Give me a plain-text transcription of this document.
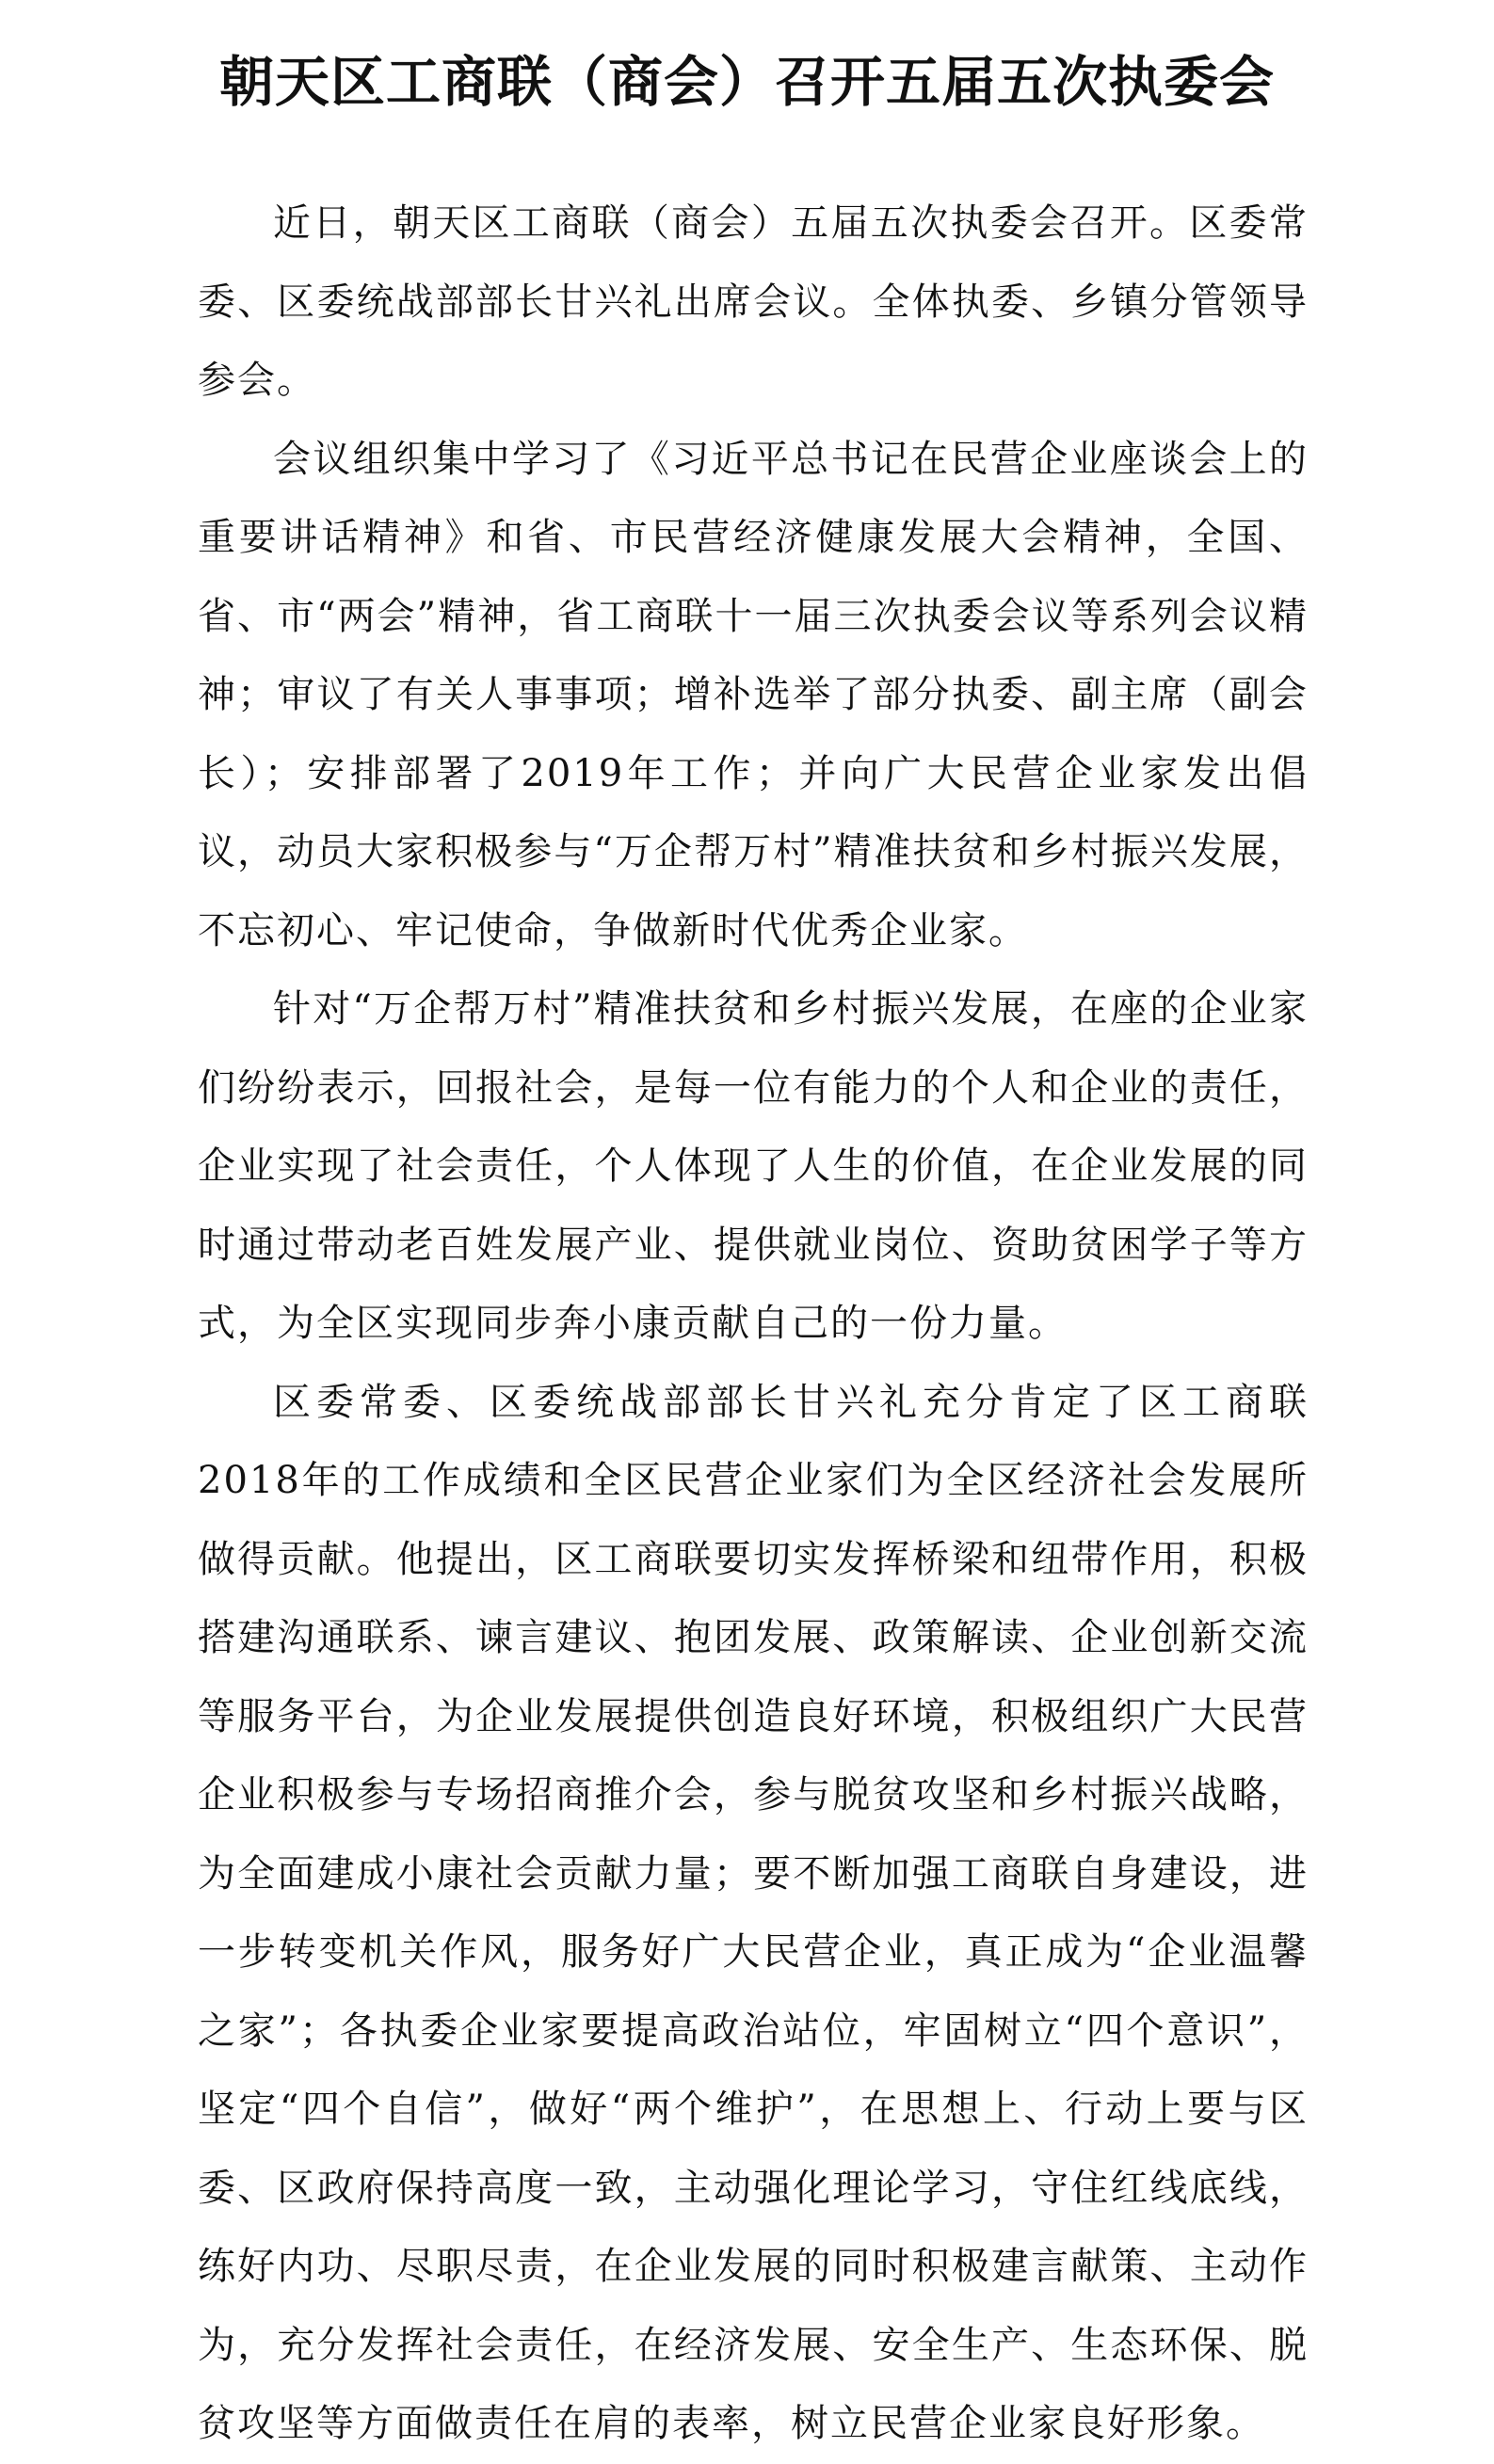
朝天区工商联（商会）召开五届五次执委会

近日，朝天区工商联（商会）五届五次执委会召开。区委常委、区委统战部部长甘兴礼出席会议。全体执委、乡镇分管领导参会。

会议组织集中学习了《习近平总书记在民营企业座谈会上的重要讲话精神》和省、市民营经济健康发展大会精神，全国、省、市“两会”精神，省工商联十一届三次执委会议等系列会议精神；审议了有关人事事项；增补选举了部分执委、副主席（副会长）；安排部署了2019年工作；并向广大民营企业家发出倡议，动员大家积极参与“万企帮万村”精准扶贫和乡村振兴发展，不忘初心、牢记使命，争做新时代优秀企业家。

针对“万企帮万村”精准扶贫和乡村振兴发展，在座的企业家们纷纷表示，回报社会，是每一位有能力的个人和企业的责任，企业实现了社会责任，个人体现了人生的价值，在企业发展的同时通过带动老百姓发展产业、提供就业岗位、资助贫困学子等方式，为全区实现同步奔小康贡献自己的一份力量。

区委常委、区委统战部部长甘兴礼充分肯定了区工商联2018年的工作成绩和全区民营企业家们为全区经济社会发展所做得贡献。他提出，区工商联要切实发挥桥梁和纽带作用，积极搭建沟通联系、谏言建议、抱团发展、政策解读、企业创新交流等服务平台，为企业发展提供创造良好环境，积极组织广大民营企业积极参与专场招商推介会，参与脱贫攻坚和乡村振兴战略，为全面建成小康社会贡献力量；要不断加强工商联自身建设，进一步转变机关作风，服务好广大民营企业，真正成为“企业温馨之家”；各执委企业家要提高政治站位，牢固树立“四个意识”，坚定“四个自信”，做好“两个维护”，在思想上、行动上要与区委、区政府保持高度一致，主动强化理论学习，守住红线底线，练好内功、尽职尽责，在企业发展的同时积极建言献策、主动作为，充分发挥社会责任，在经济发展、安全生产、生态环保、脱贫攻坚等方面做责任在肩的表率，树立民营企业家良好形象。
